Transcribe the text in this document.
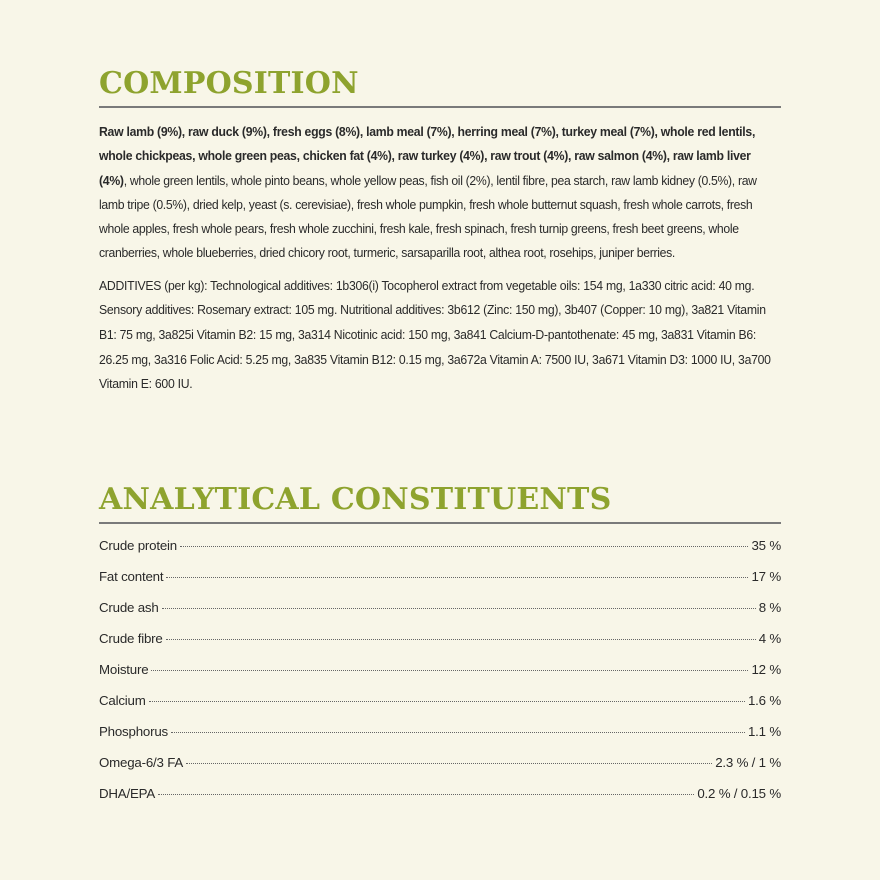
COMPOSITION

Raw lamb (9%), raw duck (9%), fresh eggs (8%), lamb meal (7%), herring meal (7%), turkey meal (7%), whole red lentils, whole chickpeas, whole green peas, chicken fat (4%), raw turkey (4%), raw trout (4%), raw salmon (4%), raw lamb liver (4%), whole green lentils, whole pinto beans, whole yellow peas, fish oil (2%), lentil fibre, pea starch, raw lamb kidney (0.5%), raw lamb tripe (0.5%), dried kelp, yeast (s. cerevisiae), fresh whole pumpkin, fresh whole butternut squash, fresh whole carrots, fresh whole apples, fresh whole pears, fresh whole zucchini, fresh kale, fresh spinach, fresh turnip greens, fresh beet greens, whole cranberries, whole blueberries, dried chicory root, turmeric, sarsaparilla root, althea root, rosehips, juniper berries.

ADDITIVES (per kg): Technological additives: 1b306(i) Tocopherol extract from vegetable oils: 154 mg, 1a330 citric acid: 40 mg. Sensory additives: Rosemary extract: 105 mg. Nutritional additives: 3b612 (Zinc: 150 mg), 3b407 (Copper: 10 mg), 3a821 Vitamin B1: 75 mg, 3a825i Vitamin B2: 15 mg, 3a314 Nicotinic acid: 150 mg, 3a841 Calcium-D-pantothenate: 45 mg, 3a831 Vitamin B6: 26.25 mg, 3a316 Folic Acid: 5.25 mg, 3a835 Vitamin B12: 0.15 mg, 3a672a Vitamin A: 7500 IU, 3a671 Vitamin D3: 1000 IU, 3a700 Vitamin E: 600 IU.

ANALYTICAL CONSTITUENTS
Crude protein	35 %
Fat content	17 %
Crude ash	8 %
Crude fibre	4 %
Moisture	12 %
Calcium	1.6 %
Phosphorus	1.1 %
Omega-6/3 FA	2.3 % / 1 %
DHA/EPA	0.2 % / 0.15 %
